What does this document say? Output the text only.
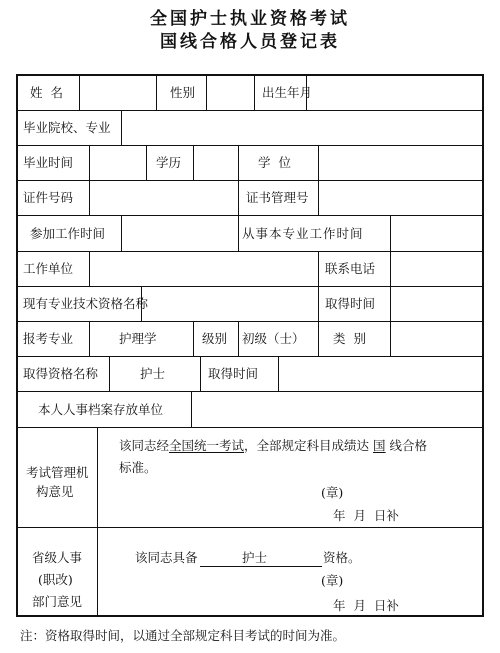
全国护士执业资格考试
国线合格人员登记表
姓  名	性别	出生年月
毕业院校、专业
毕业时间	学历	学  位
证件号码	证书管理号
参加工作时间	从事本专业工作时间
工作单位	联系电话
现有专业技术资格名称	取得时间
报考专业	护理学	级别 初级（士） 类  别
取得资格名称	护士	取得时间
本人人事档案存放单位
考试管理机
构意见
该同志经全国统一考试，全部规定科目成绩达 国 线合格
标准。
(章)
年  月  日补
省级人事
(职改)
部门意见
该同志具备	护士	资格。
(章)
年  月  日补
注：资格取得时间，以通过全部规定科目考试的时间为准。
